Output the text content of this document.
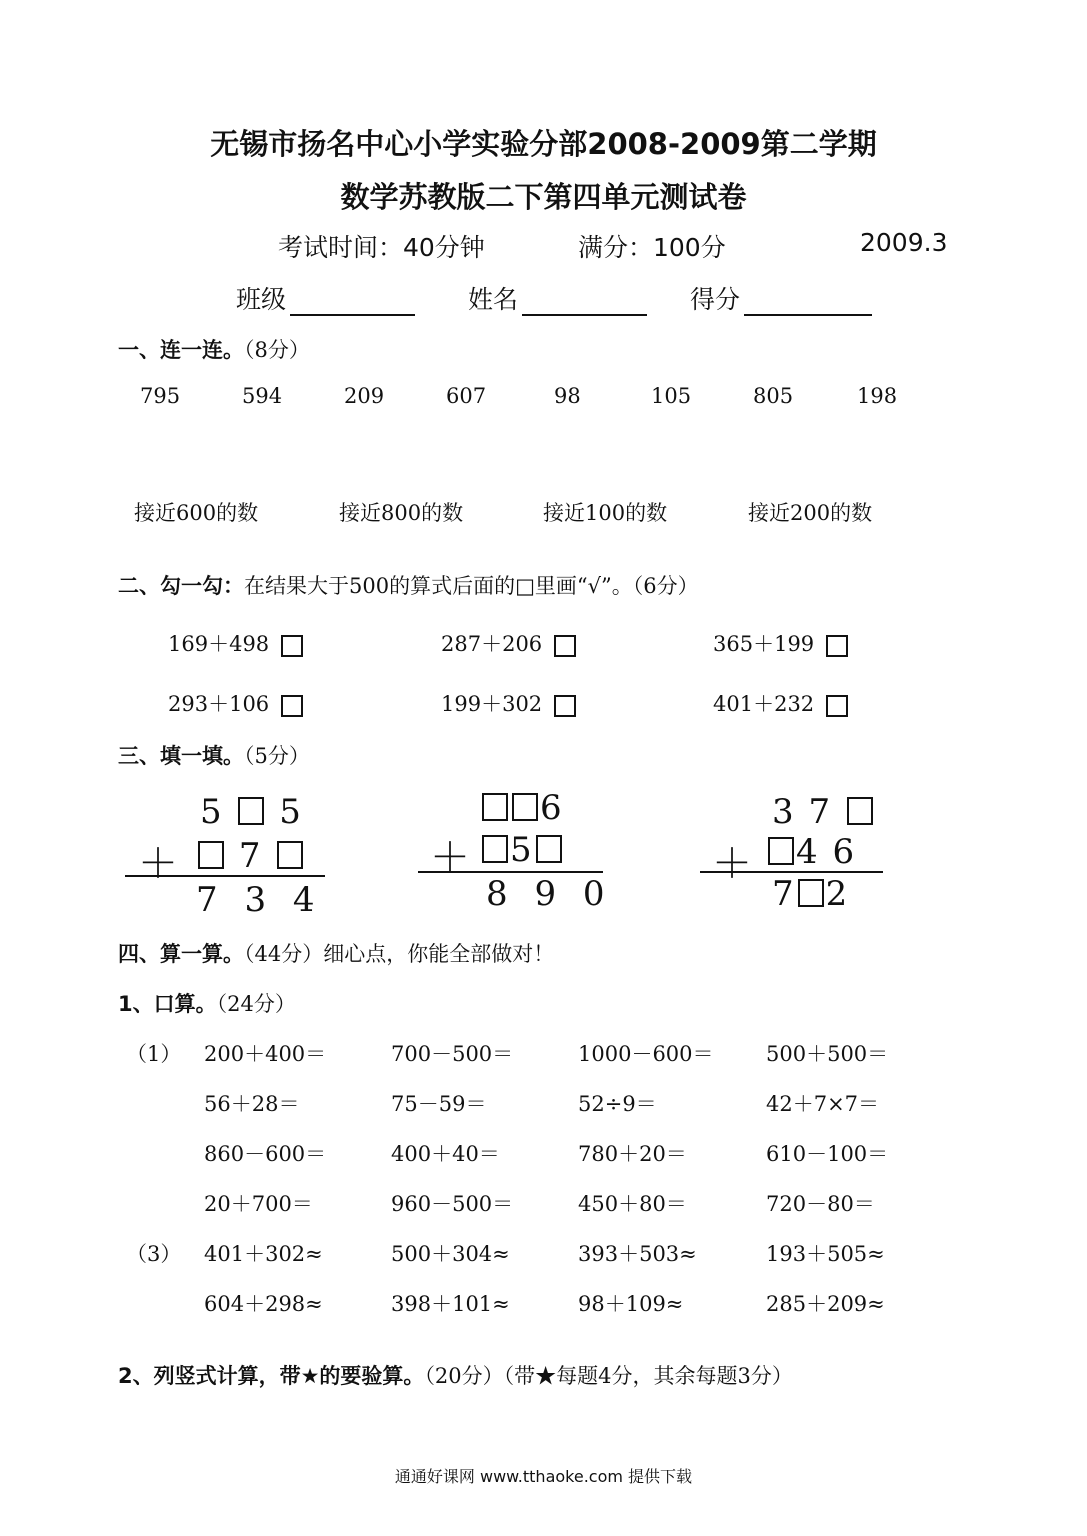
无锡市扬名中心小学实验分部2008-2009第二学期
数学苏教版二下第四单元测试卷
考试时间：40分钟	满分：100分	2009.3
班级	姓名	得分
一、连一连。（8分）
795	594	209	607	98	105	805	198
接近600的数	接近800的数	接近100的数	接近200的数
二、勾一勾：在结果大于500的算式后面的□里画“√”。（6分）
169＋498	287＋206	365＋199
293＋106	199＋302	401＋232
三、填一填。（5分）
5 5
＋	7
7 3 4
6
＋	5
8 9 0
3 7
＋	4 6
7 2
四、算一算。（44分）细心点，你能全部做对！
1、口算。（24分）
（1）
（3）
200＋400＝	700－500＝	1000－600＝ 500＋500＝
56＋28＝	75－59＝	52÷9＝	42＋7×7＝
860－600＝	400＋40＝	780＋20＝	610－100＝
20＋700＝	960－500＝	450＋80＝	720－80＝
401＋302≈	500＋304≈	393＋503≈	193＋505≈
604＋298≈	398＋101≈	98＋109≈	285＋209≈
2、列竖式计算，带★的要验算。（20分）（带★每题4分，其余每题3分）
通通好课网 www.tthaoke.com 提供下载
